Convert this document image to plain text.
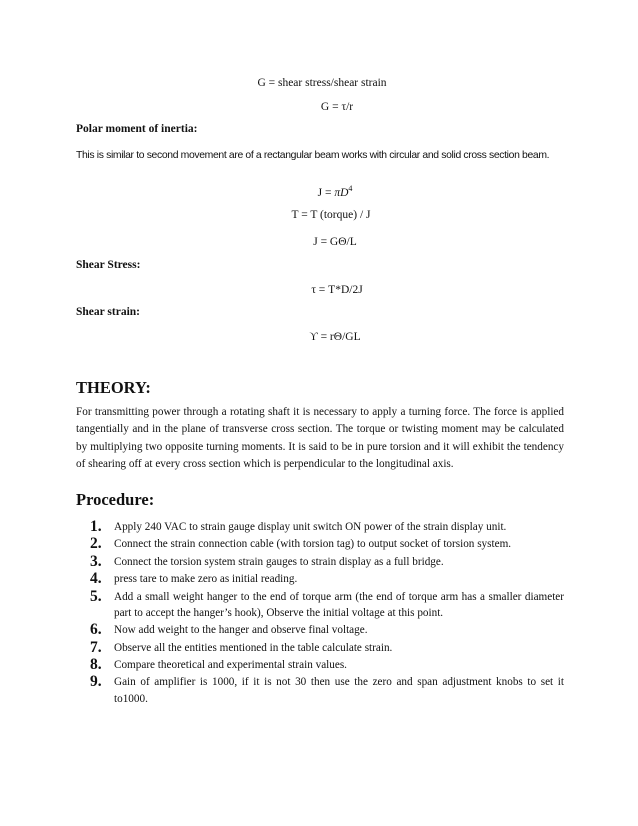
G = shear stress/shear strain
G = τ/r
Polar moment of inertia:
This is similar to second movement are of a rectangular beam works with circular and solid cross section beam.
$J = \pi D^4$
T = T (torque) / J
J = GΘ/L
Shear Stress:
τ = T*D/2J
Shear strain:
ϒ = rΘ/GL
THEORY:
For transmitting power through a rotating shaft it is necessary to apply a turning force. The force is applied tangentially and in the plane of transverse cross section. The torque or twisting moment may be calculated by multiplying two opposite turning moments. It is said to be in pure torsion and it will exhibit the tendency of shearing off at every cross section which is perpendicular to the longitudinal axis.
Procedure:
1.	Apply 240 VAC to strain gauge display unit switch ON power of the strain display unit.
2.	Connect the strain connection cable (with torsion tag) to output socket of torsion system.
3.	Connect the torsion system strain gauges to strain display as a full bridge.
4.	press tare to make zero as initial reading.
5.	Add a small weight hanger to the end of torque arm (the end of torque arm has a smaller diameter part to accept the hanger’s hook), Observe the initial voltage at this point.
6.	Now add weight to the hanger and observe final voltage.
7.	Observe all the entities mentioned in the table calculate strain.
8.	Compare theoretical and experimental strain values.
9.	Gain of amplifier is 1000, if it is not 30 then use the zero and span adjustment knobs to set it to1000.
